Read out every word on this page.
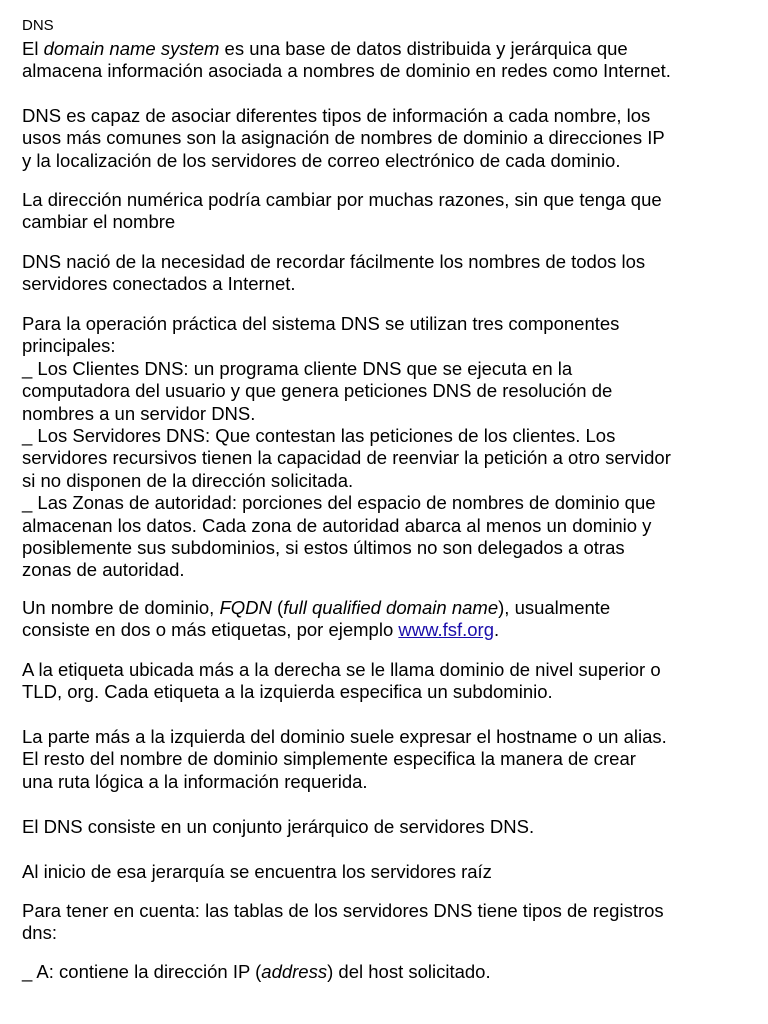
DNS
El domain name system es una base de datos distribuida y jerárquica que
almacena información asociada a nombres de dominio en redes como Internet.
DNS es capaz de asociar diferentes tipos de información a cada nombre, los
usos más comunes son la asignación de nombres de dominio a direcciones IP
y la localización de los servidores de correo electrónico de cada dominio.
La dirección numérica podría cambiar por muchas razones, sin que tenga que
cambiar el nombre
DNS nació de la necesidad de recordar fácilmente los nombres de todos los
servidores conectados a Internet.
Para la operación práctica del sistema DNS se utilizan tres componentes
principales:
_ Los Clientes DNS: un programa cliente DNS que se ejecuta en la
computadora del usuario y que genera peticiones DNS de resolución de
nombres a un servidor DNS.
_ Los Servidores DNS: Que contestan las peticiones de los clientes. Los
servidores recursivos tienen la capacidad de reenviar la petición a otro servidor
si no disponen de la dirección solicitada.
_ Las Zonas de autoridad: porciones del espacio de nombres de dominio que
almacenan los datos. Cada zona de autoridad abarca al menos un dominio y
posiblemente sus subdominios, si estos últimos no son delegados a otras
zonas de autoridad.
Un nombre de dominio, FQDN (full qualified domain name), usualmente
consiste en dos o más etiquetas, por ejemplo www.fsf.org.
A la etiqueta ubicada más a la derecha se le llama dominio de nivel superior o
TLD, org. Cada etiqueta a la izquierda especifica un subdominio.
La parte más a la izquierda del dominio suele expresar el hostname o un alias.
El resto del nombre de dominio simplemente especifica la manera de crear
una ruta lógica a la información requerida.
El DNS consiste en un conjunto jerárquico de servidores DNS.
Al inicio de esa jerarquía se encuentra los servidores raíz
Para tener en cuenta: las tablas de los servidores DNS tiene tipos de registros
dns:
_ A: contiene la dirección IP (address) del host solicitado.
